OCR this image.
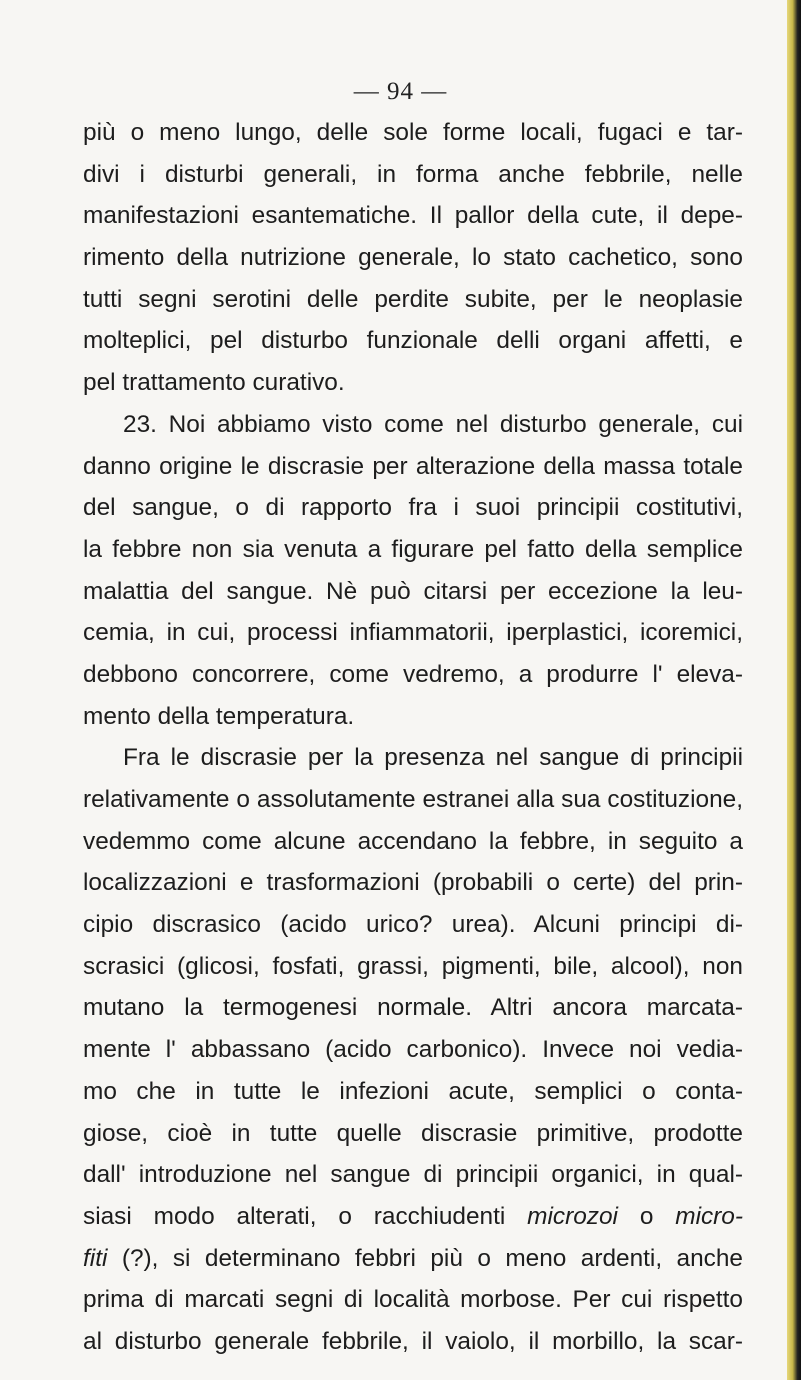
— 94 —
più o meno lungo, delle sole forme locali, fugaci e tar-
divi i disturbi generali, in forma anche febbrile, nelle
manifestazioni esantematiche. Il pallor della cute, il depe-
rimento della nutrizione generale, lo stato cachetico, sono
tutti segni serotini delle perdite subite, per le neoplasie
molteplici, pel disturbo funzionale delli organi affetti, e
pel trattamento curativo.
23. Noi abbiamo visto come nel disturbo generale, cui
danno origine le discrasie per alterazione della massa totale
del sangue, o di rapporto fra i suoi principii costitutivi,
la febbre non sia venuta a figurare pel fatto della semplice
malattia del sangue. Nè può citarsi per eccezione la leu-
cemia, in cui, processi infiammatorii, iperplastici, icoremici,
debbono concorrere, come vedremo, a produrre l' eleva-
mento della temperatura.
Fra le discrasie per la presenza nel sangue di principii
relativamente o assolutamente estranei alla sua costituzione,
vedemmo come alcune accendano la febbre, in seguito a
localizzazioni e trasformazioni (probabili o certe) del prin-
cipio discrasico (acido urico? urea). Alcuni principi di-
scrasici (glicosi, fosfati, grassi, pigmenti, bile, alcool), non
mutano la termogenesi normale. Altri ancora marcata-
mente l' abbassano (acido carbonico). Invece noi vedia-
mo che in tutte le infezioni acute, semplici o conta-
giose, cioè in tutte quelle discrasie primitive, prodotte
dall' introduzione nel sangue di principii organici, in qual-
siasi modo alterati, o racchiudenti microzoi o micro-
fiti (?), si determinano febbri più o meno ardenti, anche
prima di marcati segni di località morbose. Per cui rispetto
al disturbo generale febbrile, il vaiolo, il morbillo, la scar-
